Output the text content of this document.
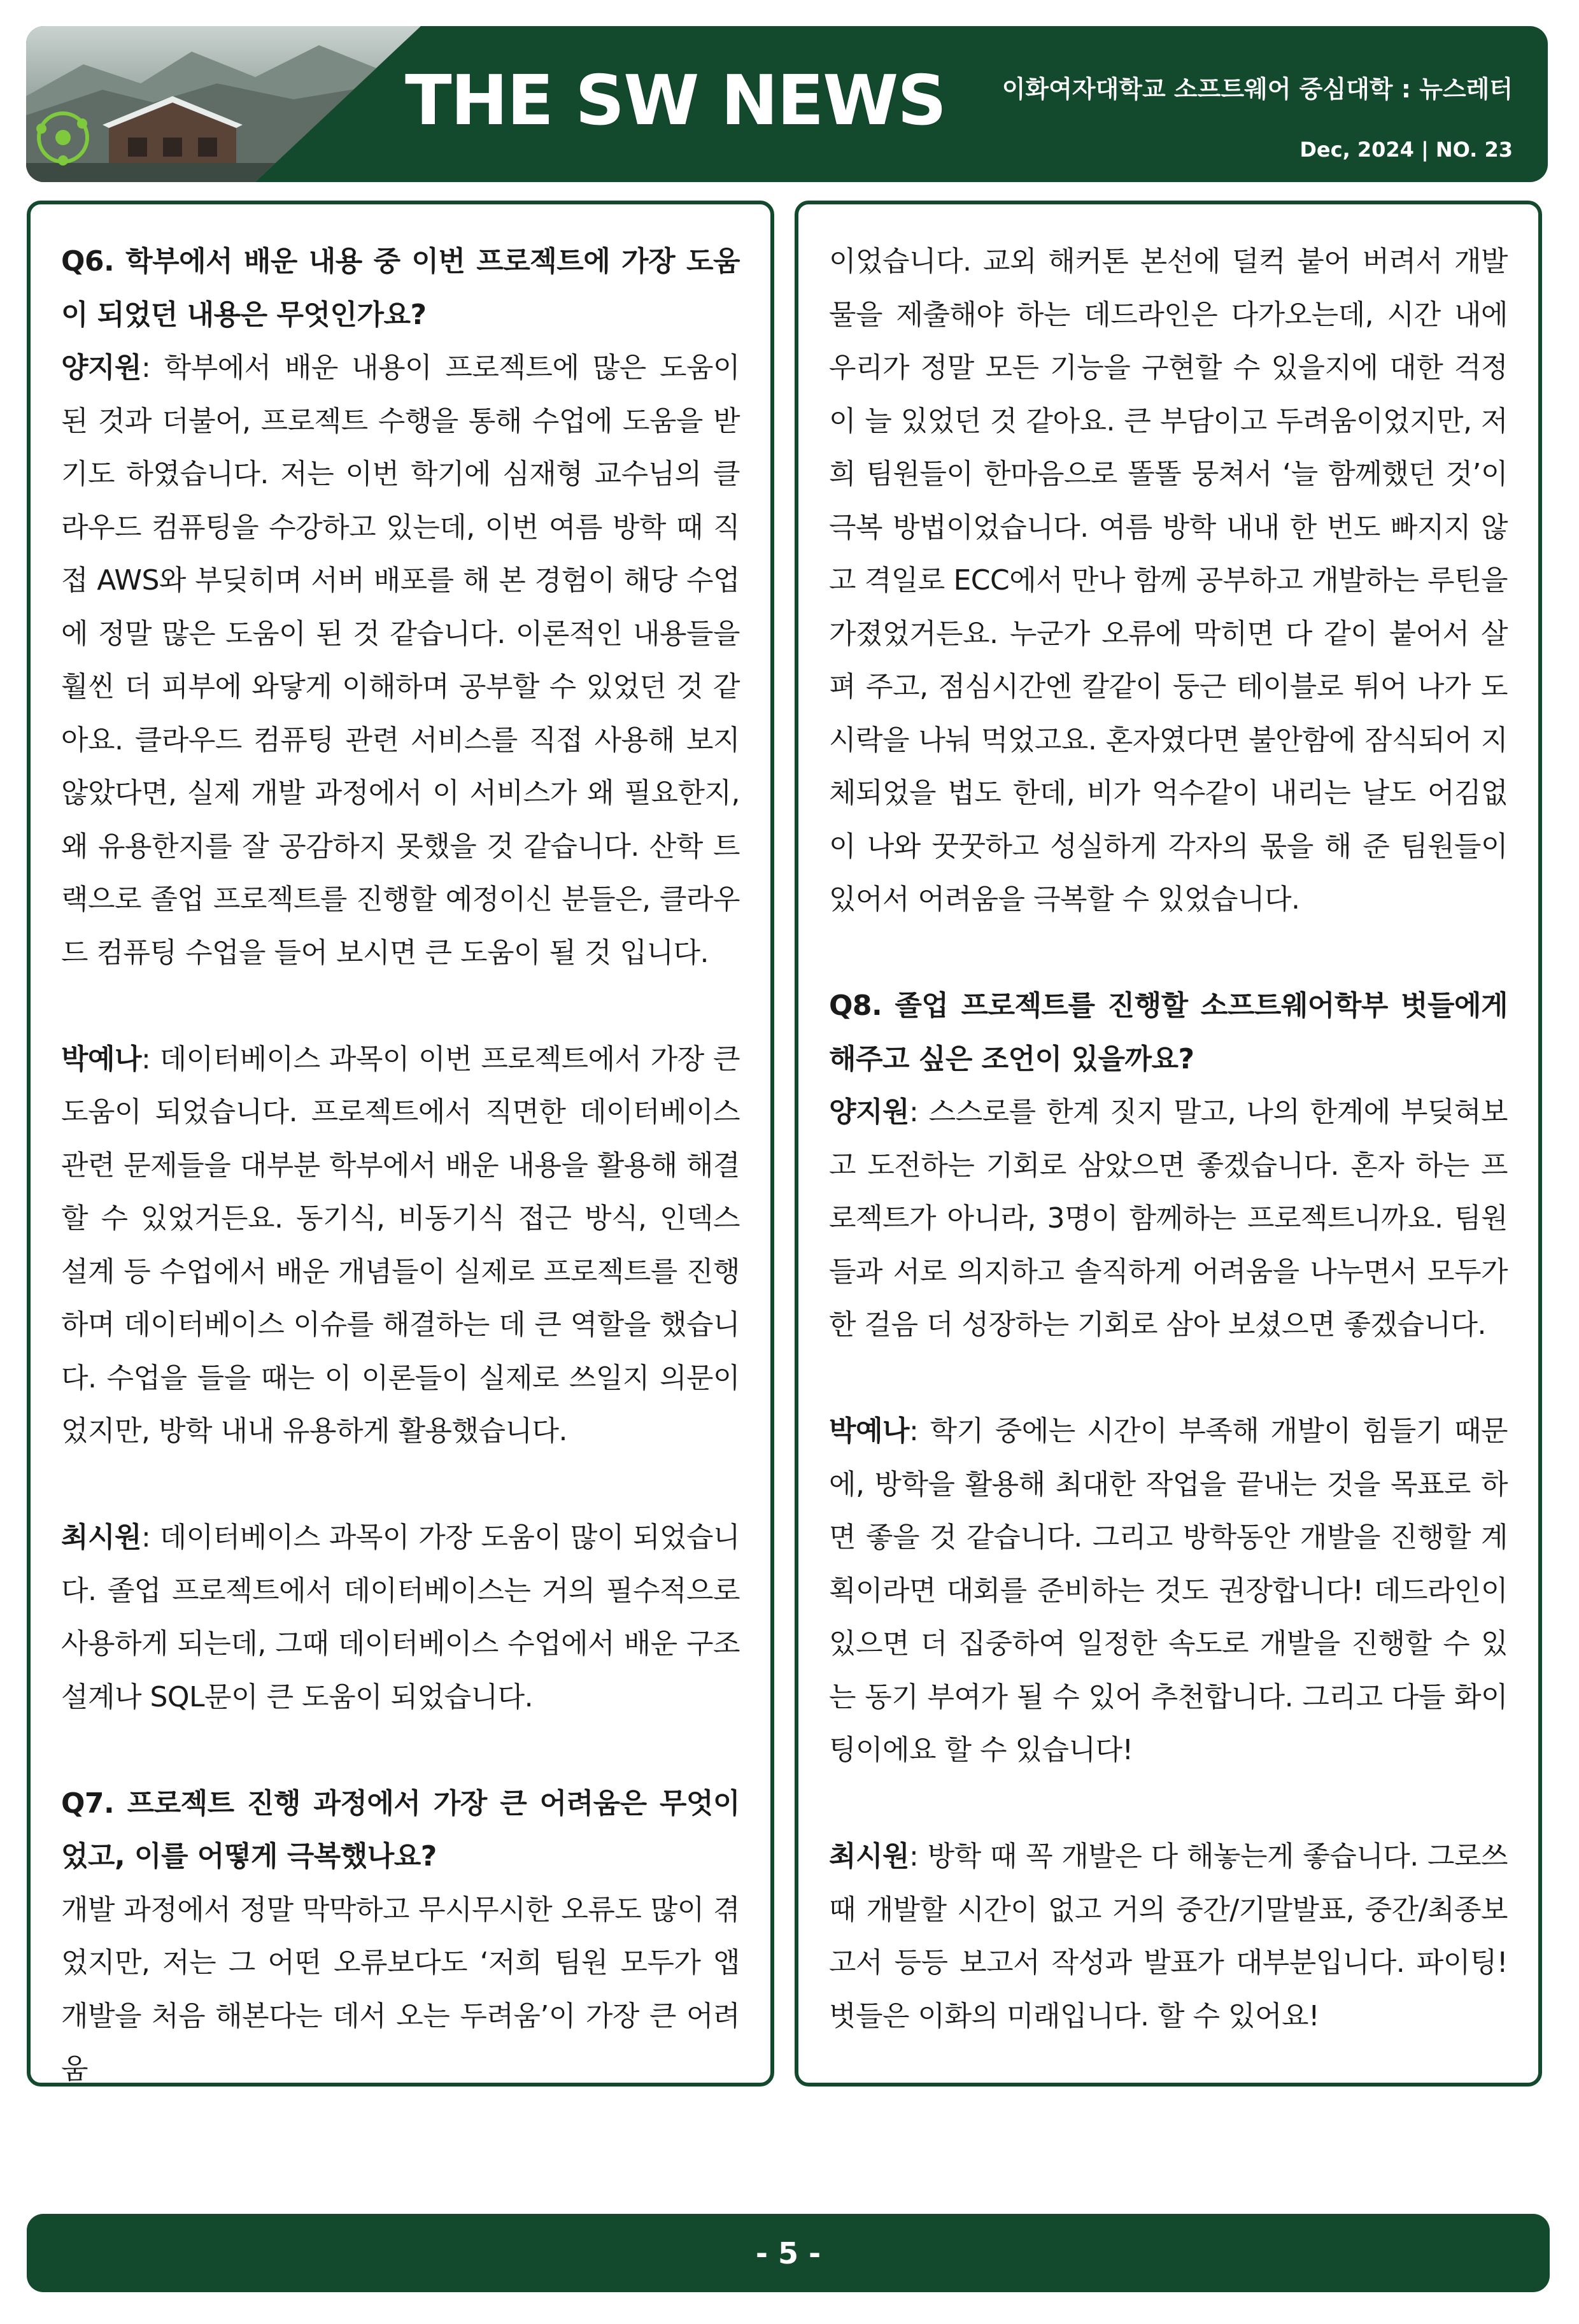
THE SW NEWS 이화여자대학교 소프트웨어 중심대학 : 뉴스레터
Dec, 2024 | NO. 23

Q6. 학부에서 배운 내용 중 이번 프로젝트에 가장 도움이 되었던 내용은 무엇인가요?

양지원: 학부에서 배운 내용이 프로젝트에 많은 도움이 된 것과 더불어, 프로젝트 수행을 통해 수업에 도움을 받기도 하였습니다. 저는 이번 학기에 심재형 교수님의 클라우드 컴퓨팅을 수강하고 있는데, 이번 여름 방학 때 직접 AWS와 부딪히며 서버 배포를 해 본 경험이 해당 수업에 정말 많은 도움이 된 것 같습니다. 이론적인 내용들을 훨씬 더 피부에 와닿게 이해하며 공부할 수 있었던 것 같아요. 클라우드 컴퓨팅 관련 서비스를 직접 사용해 보지 않았다면, 실제 개발 과정에서 이 서비스가 왜 필요한지, 왜 유용한지를 잘 공감하지 못했을 것 같습니다. 산학 트랙으로 졸업 프로젝트를 진행할 예정이신 분들은, 클라우드 컴퓨팅 수업을 들어 보시면 큰 도움이 될 것 입니다.

박예나: 데이터베이스 과목이 이번 프로젝트에서 가장 큰 도움이 되었습니다. 프로젝트에서 직면한 데이터베이스 관련 문제들을 대부분 학부에서 배운 내용을 활용해 해결할 수 있었거든요. 동기식, 비동기식 접근 방식, 인덱스 설계 등 수업에서 배운 개념들이 실제로 프로젝트를 진행하며 데이터베이스 이슈를 해결하는 데 큰 역할을 했습니다. 수업을 들을 때는 이 이론들이 실제로 쓰일지 의문이었지만, 방학 내내 유용하게 활용했습니다.

최시원: 데이터베이스 과목이 가장 도움이 많이 되었습니다. 졸업 프로젝트에서 데이터베이스는 거의 필수적으로 사용하게 되는데, 그때 데이터베이스 수업에서 배운 구조 설계나 SQL문이 큰 도움이 되었습니다.

Q7. 프로젝트 진행 과정에서 가장 큰 어려움은 무엇이었고, 이를 어떻게 극복했나요?

개발 과정에서 정말 막막하고 무시무시한 오류도 많이 겪었지만, 저는 그 어떤 오류보다도 ‘저희 팀원 모두가 앱 개발을 처음 해본다는 데서 오는 두려움’이 가장 큰 어려움

이었습니다. 교외 해커톤 본선에 덜컥 붙어 버려서 개발물을 제출해야 하는 데드라인은 다가오는데, 시간 내에 우리가 정말 모든 기능을 구현할 수 있을지에 대한 걱정이 늘 있었던 것 같아요. 큰 부담이고 두려움이었지만, 저희 팀원들이 한마음으로 똘똘 뭉쳐서 ‘늘 함께했던 것’이 극복 방법이었습니다. 여름 방학 내내 한 번도 빠지지 않고 격일로 ECC에서 만나 함께 공부하고 개발하는 루틴을 가졌었거든요. 누군가 오류에 막히면 다 같이 붙어서 살펴 주고, 점심시간엔 칼같이 둥근 테이블로 튀어 나가 도시락을 나눠 먹었고요. 혼자였다면 불안함에 잠식되어 지체되었을 법도 한데, 비가 억수같이 내리는 날도 어김없이 나와 꿋꿋하고 성실하게 각자의 몫을 해 준 팀원들이 있어서 어려움을 극복할 수 있었습니다.

Q8. 졸업 프로젝트를 진행할 소프트웨어학부 벗들에게 해주고 싶은 조언이 있을까요?

양지원: 스스로를 한계 짓지 말고, 나의 한계에 부딪혀보고 도전하는 기회로 삼았으면 좋겠습니다. 혼자 하는 프로젝트가 아니라, 3명이 함께하는 프로젝트니까요. 팀원들과 서로 의지하고 솔직하게 어려움을 나누면서 모두가 한 걸음 더 성장하는 기회로 삼아 보셨으면 좋겠습니다.

박예나: 학기 중에는 시간이 부족해 개발이 힘들기 때문에, 방학을 활용해 최대한 작업을 끝내는 것을 목표로 하면 좋을 것 같습니다. 그리고 방학동안 개발을 진행할 계획이라면 대회를 준비하는 것도 권장합니다! 데드라인이 있으면 더 집중하여 일정한 속도로 개발을 진행할 수 있는 동기 부여가 될 수 있어 추천합니다. 그리고 다들 화이팅이에요 할 수 있습니다!

최시원: 방학 때 꼭 개발은 다 해놓는게 좋습니다. 그로쓰 때 개발할 시간이 없고 거의 중간/기말발표, 중간/최종보고서 등등 보고서 작성과 발표가 대부분입니다. 파이팅! 벗들은 이화의 미래입니다. 할 수 있어요!

- 5 -
